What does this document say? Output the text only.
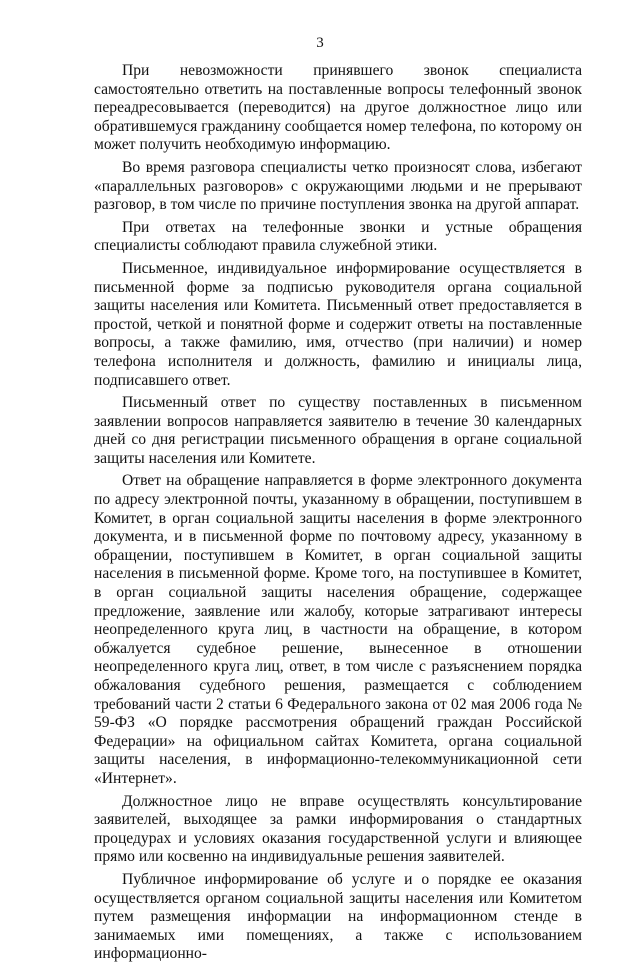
3

При невозможности принявшего звонок специалиста самостоятельно ответить на поставленные вопросы телефонный звонок переадресовывается (переводится) на другое должностное лицо или обратившемуся гражданину сообщается номер телефона, по которому он может получить необходимую информацию.

Во время разговора специалисты четко произносят слова, избегают «параллельных разговоров» с окружающими людьми и не прерывают разговор, в том числе по причине поступления звонка на другой аппарат.

При ответах на телефонные звонки и устные обращения специалисты соблюдают правила служебной этики.

Письменное, индивидуальное информирование осуществляется в письменной форме за подписью руководителя органа социальной защиты населения или Комитета. Письменный ответ предоставляется в простой, четкой и понятной форме и содержит ответы на поставленные вопросы, а также фамилию, имя, отчество (при наличии) и номер телефона исполнителя и должность, фамилию и инициалы лица, подписавшего ответ.

Письменный ответ по существу поставленных в письменном заявлении вопросов направляется заявителю в течение 30 календарных дней со дня регистрации письменного обращения в органе социальной защиты населения или Комитете.

Ответ на обращение направляется в форме электронного документа по адресу электронной почты, указанному в обращении, поступившем в Комитет, в орган социальной защиты населения в форме электронного документа, и в письменной форме по почтовому адресу, указанному в обращении, поступившем в Комитет, в орган социальной защиты населения в письменной форме. Кроме того, на поступившее в Комитет, в орган социальной защиты населения обращение, содержащее предложение, заявление или жалобу, которые затрагивают интересы неопределенного круга лиц, в частности на обращение, в котором обжалуется судебное решение, вынесенное в отношении неопределенного круга лиц, ответ, в том числе с разъяснением порядка обжалования судебного решения, размещается с соблюдением требований части 2 статьи 6 Федерального закона от 02 мая 2006 года № 59-ФЗ «О порядке рассмотрения обращений граждан Российской Федерации» на официальном сайтах Комитета, органа социальной защиты населения, в информационно-телекоммуникационной сети «Интернет».

Должностное лицо не вправе осуществлять консультирование заявителей, выходящее за рамки информирования о стандартных процедурах и условиях оказания государственной услуги и влияющее прямо или косвенно на индивидуальные решения заявителей.

Публичное информирование об услуге и о порядке ее оказания осуществляется органом социальной защиты населения или Комитетом путем размещения информации на информационном стенде в занимаемых ими помещениях, а также с использованием информационно-
